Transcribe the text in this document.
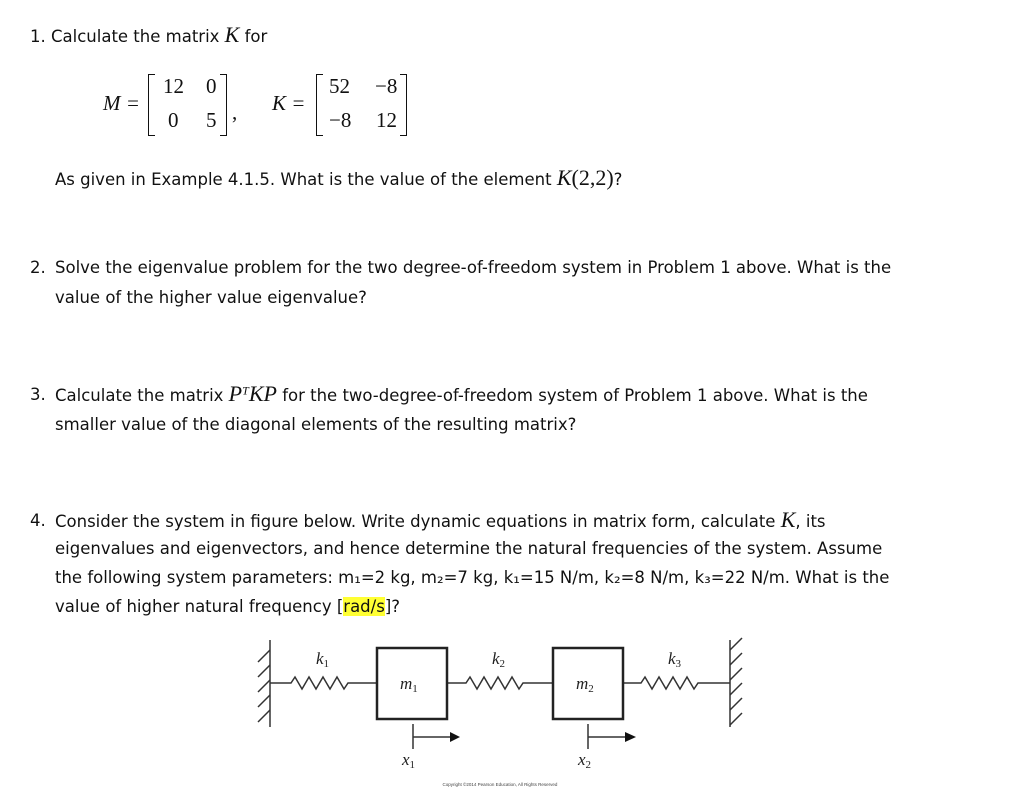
1. Calculate the matrix K for
M =
12 0
0 5 , K =
52 −8
−8 12
As given in Example 4.1.5. What is the value of the element K(2,2)?
2. Solve the eigenvalue problem for the two degree-of-freedom system in Problem 1 above. What is the
value of the higher value eigenvalue?
3. Calculate the matrix $P^TKP$ for the two-degree-of-freedom system of Problem 1 above. What is the
smaller value of the diagonal elements of the resulting matrix?
4. Consider the system in figure below. Write dynamic equations in matrix form, calculate K, its
eigenvalues and eigenvectors, and hence determine the natural frequencies of the system. Assume
the following system parameters: m₁=2 kg, m₂=7 kg, k₁=15 N/m, k₂=8 N/m, k₃=22 N/m. What is the
value of higher natural frequency [rad/s]?
k1	k2	k3
m1	m2
x1	x2
Copyright ©2014 Pearson Education, All Rights Reserved
